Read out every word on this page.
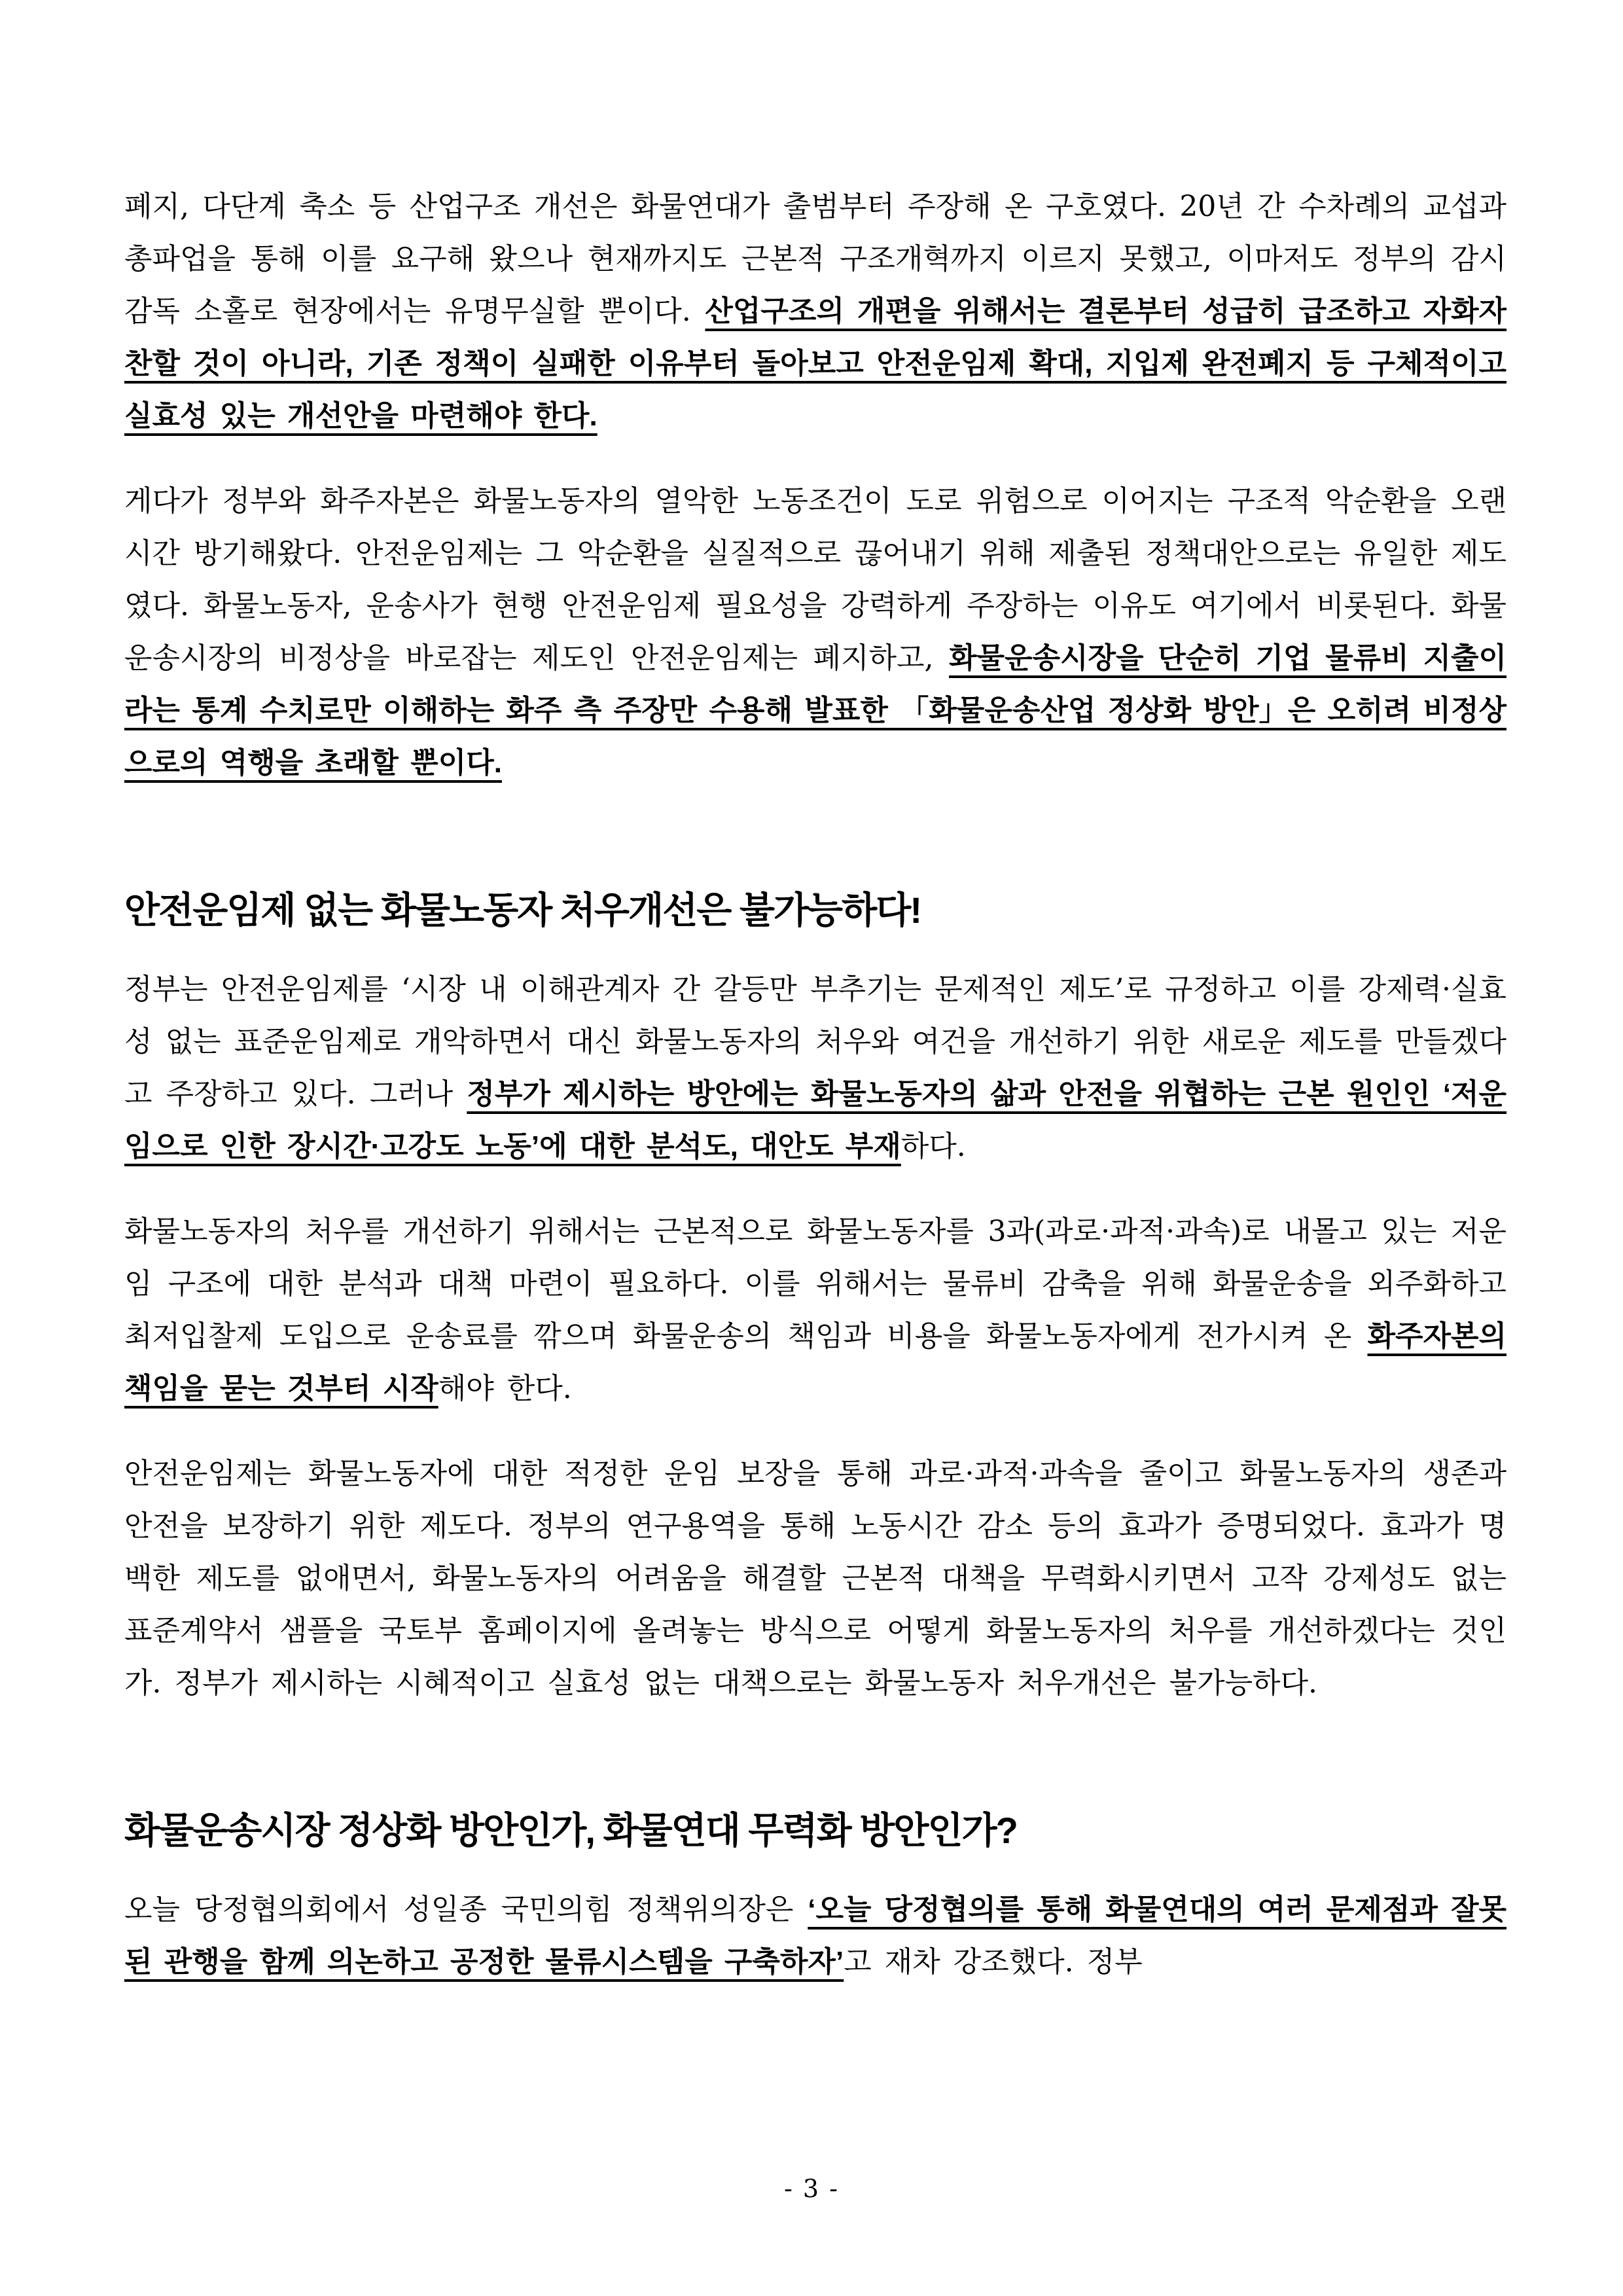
폐지, 다단계 축소 등 산업구조 개선은 화물연대가 출범부터 주장해 온 구호였다. 20년 간 수차례의 교섭과 총파업을 통해 이를 요구해 왔으나 현재까지도 근본적 구조개혁까지 이르지 못했고, 이마저도 정부의 감시감독 소홀로 현장에서는 유명무실할 뿐이다. 산업구조의 개편을 위해서는 결론부터 성급히 급조하고 자화자찬할 것이 아니라, 기존 정책이 실패한 이유부터 돌아보고 안전운임제 확대, 지입제 완전폐지 등 구체적이고 실효성 있는 개선안을 마련해야 한다.

게다가 정부와 화주자본은 화물노동자의 열악한 노동조건이 도로 위험으로 이어지는 구조적 악순환을 오랜 시간 방기해왔다. 안전운임제는 그 악순환을 실질적으로 끊어내기 위해 제출된 정책대안으로는 유일한 제도였다. 화물노동자, 운송사가 현행 안전운임제 필요성을 강력하게 주장하는 이유도 여기에서 비롯된다. 화물운송시장의 비정상을 바로잡는 제도인 안전운임제는 폐지하고, 화물운송시장을 단순히 기업 물류비 지출이라는 통계 수치로만 이해하는 화주 측 주장만 수용해 발표한 「화물운송산업 정상화 방안」은 오히려 비정상으로의 역행을 초래할 뿐이다.

안전운임제 없는 화물노동자 처우개선은 불가능하다!

정부는 안전운임제를 ‘시장 내 이해관계자 간 갈등만 부추기는 문제적인 제도’로 규정하고 이를 강제력·실효성 없는 표준운임제로 개악하면서 대신 화물노동자의 처우와 여건을 개선하기 위한 새로운 제도를 만들겠다고 주장하고 있다. 그러나 정부가 제시하는 방안에는 화물노동자의 삶과 안전을 위협하는 근본 원인인 ‘저운임으로 인한 장시간·고강도 노동’에 대한 분석도, 대안도 부재하다.

화물노동자의 처우를 개선하기 위해서는 근본적으로 화물노동자를 3과(과로·과적·과속)로 내몰고 있는 저운임 구조에 대한 분석과 대책 마련이 필요하다. 이를 위해서는 물류비 감축을 위해 화물운송을 외주화하고 최저입찰제 도입으로 운송료를 깎으며 화물운송의 책임과 비용을 화물노동자에게 전가시켜 온 화주자본의 책임을 묻는 것부터 시작해야 한다.

안전운임제는 화물노동자에 대한 적정한 운임 보장을 통해 과로·과적·과속을 줄이고 화물노동자의 생존과 안전을 보장하기 위한 제도다. 정부의 연구용역을 통해 노동시간 감소 등의 효과가 증명되었다. 효과가 명백한 제도를 없애면서, 화물노동자의 어려움을 해결할 근본적 대책을 무력화시키면서 고작 강제성도 없는 표준계약서 샘플을 국토부 홈페이지에 올려놓는 방식으로 어떻게 화물노동자의 처우를 개선하겠다는 것인가. 정부가 제시하는 시혜적이고 실효성 없는 대책으로는 화물노동자 처우개선은 불가능하다.

화물운송시장 정상화 방안인가, 화물연대 무력화 방안인가?

오늘 당정협의회에서 성일종 국민의힘 정책위의장은 ‘오늘 당정협의를 통해 화물연대의 여러 문제점과 잘못된 관행을 함께 의논하고 공정한 물류시스템을 구축하자’고 재차 강조했다. 정부

- 3 -
